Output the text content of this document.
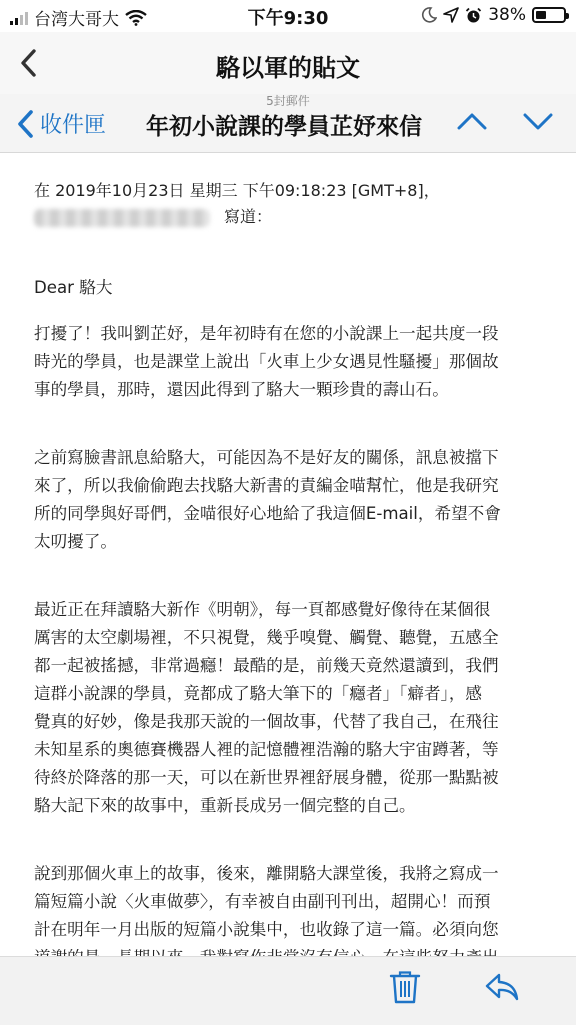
台湾大哥大	下午9:30	38%
駱以軍的貼文
5封郵件
收件匣 年初小說課的學員芷妤來信
在 2019年10月23日 星期三 下午09:18:23 [GMT+8]，
寫道：
Dear 駱大
打擾了！我叫劉芷妤，是年初時有在您的小說課上一起共度一段
時光的學員，也是課堂上說出「火車上少女遇見性騷擾」那個故
事的學員，那時，還因此得到了駱大一顆珍貴的壽山石。
之前寫臉書訊息給駱大，可能因為不是好友的關係，訊息被擋下
來了，所以我偷偷跑去找駱大新書的責編金喵幫忙，他是我研究
所的同學與好哥們，金喵很好心地給了我這個E-mail，希望不會
太叨擾了。
最近正在拜讀駱大新作《明朝》，每一頁都感覺好像待在某個很
厲害的太空劇場裡，不只視覺，幾乎嗅覺、觸覺、聽覺，五感全
都一起被搖撼，非常過癮！最酷的是，前幾天竟然還讀到，我們
這群小說課的學員，竟都成了駱大筆下的「癮者」「癖者」，感
覺真的好妙，像是我那天說的一個故事，代替了我自己，在飛往
未知星系的奧德賽機器人裡的記憶體裡浩瀚的駱大宇宙蹲著，等
待終於降落的那一天，可以在新世界裡舒展身體，從那一點點被
駱大記下來的故事中，重新長成另一個完整的自己。
說到那個火車上的故事，後來，離開駱大課堂後，我將之寫成一
篇短篇小說〈火車做夢〉，有幸被自由副刊刊出，超開心！而預
計在明年一月出版的短篇小說集中，也收錄了這一篇。必須向您
